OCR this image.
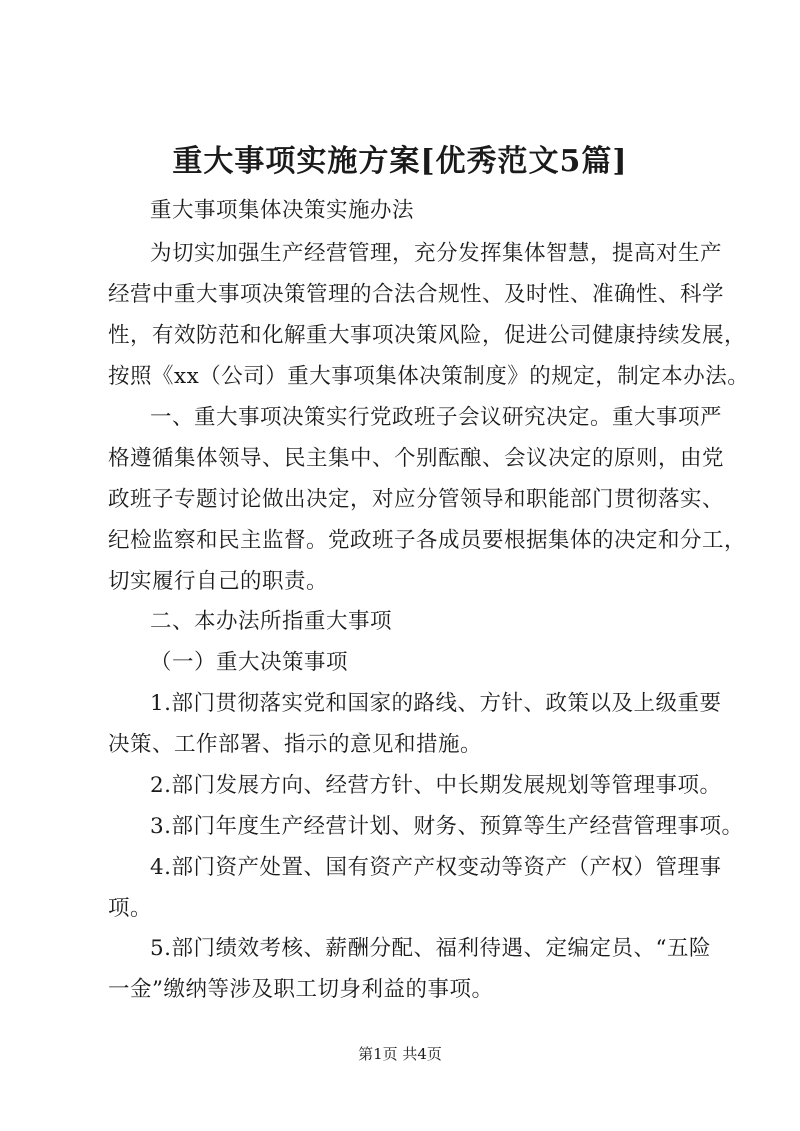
重大事项实施方案[优秀范文5篇]
重大事项集体决策实施办法
为切实加强生产经营管理，充分发挥集体智慧，提高对生产
经营中重大事项决策管理的合法合规性、及时性、准确性、科学
性，有效防范和化解重大事项决策风险，促进公司健康持续发展，
按照《xx（公司）重大事项集体决策制度》的规定，制定本办法。
一、重大事项决策实行党政班子会议研究决定。重大事项严
格遵循集体领导、民主集中、个别酝酿、会议决定的原则，由党
政班子专题讨论做出决定，对应分管领导和职能部门贯彻落实、
纪检监察和民主监督。党政班子各成员要根据集体的决定和分工，
切实履行自己的职责。
二、本办法所指重大事项
（一）重大决策事项
1.部门贯彻落实党和国家的路线、方针、政策以及上级重要
决策、工作部署、指示的意见和措施。
2.部门发展方向、经营方针、中长期发展规划等管理事项。
3.部门年度生产经营计划、财务、预算等生产经营管理事项。
4.部门资产处置、国有资产产权变动等资产（产权）管理事
项。
5.部门绩效考核、薪酬分配、福利待遇、定编定员、“五险
一金”缴纳等涉及职工切身利益的事项。
第1页 共4页
